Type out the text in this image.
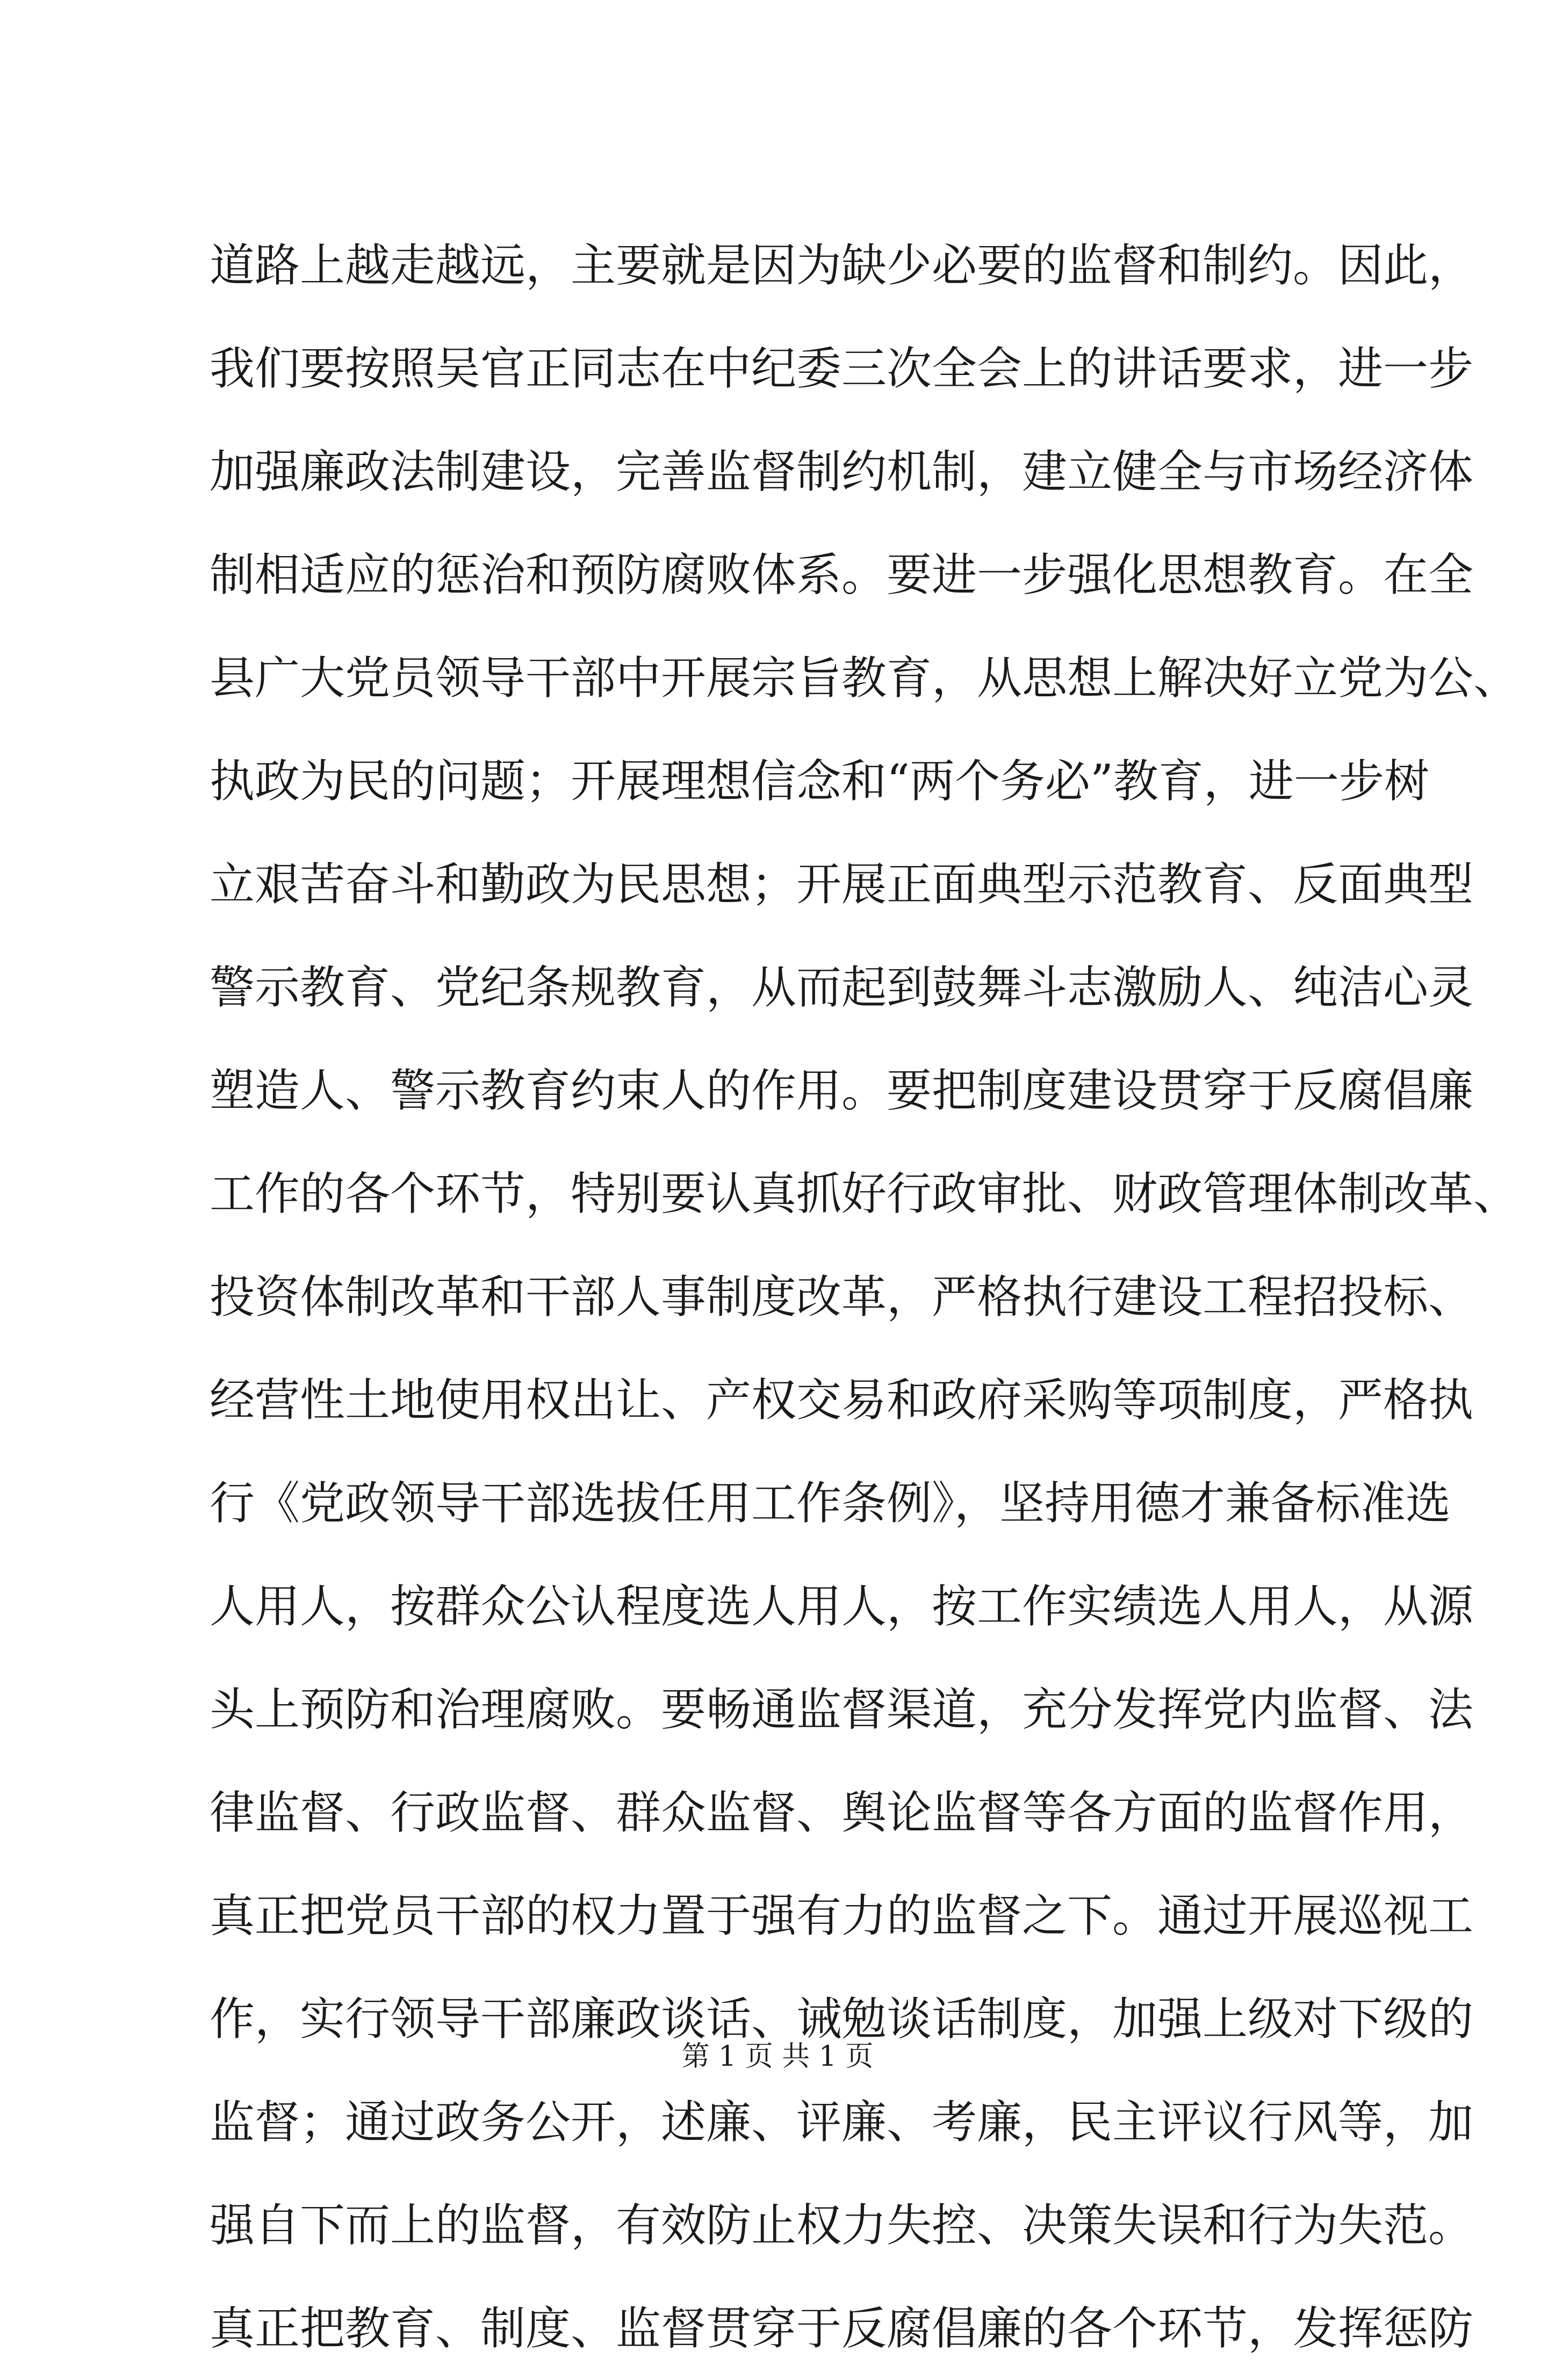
道路上越走越远，主要就是因为缺少必要的监督和制约。因此，
我们要按照吴官正同志在中纪委三次全会上的讲话要求，进一步
加强廉政法制建设，完善监督制约机制，建立健全与市场经济体
制相适应的惩治和预防腐败体系。要进一步强化思想教育。在全
县广大党员领导干部中开展宗旨教育，从思想上解决好立党为公、
执政为民的问题；开展理想信念和“两个务必”教育，进一步树
立艰苦奋斗和勤政为民思想；开展正面典型示范教育、反面典型
警示教育、党纪条规教育，从而起到鼓舞斗志激励人、纯洁心灵
塑造人、警示教育约束人的作用。要把制度建设贯穿于反腐倡廉
工作的各个环节，特别要认真抓好行政审批、财政管理体制改革、
投资体制改革和干部人事制度改革，严格执行建设工程招投标、
经营性土地使用权出让、产权交易和政府采购等项制度，严格执
行《党政领导干部选拔任用工作条例》，坚持用德才兼备标准选
人用人，按群众公认程度选人用人，按工作实绩选人用人，从源
头上预防和治理腐败。要畅通监督渠道，充分发挥党内监督、法
律监督、行政监督、群众监督、舆论监督等各方面的监督作用，
真正把党员干部的权力置于强有力的监督之下。通过开展巡视工
作，实行领导干部廉政谈话、诫勉谈话制度，加强上级对下级的
监督；通过政务公开，述廉、评廉、考廉，民主评议行风等，加
强自下而上的监督，有效防止权力失控、决策失误和行为失范。
真正把教育、制度、监督贯穿于反腐倡廉的各个环节，发挥惩防
第 1 页 共 1 页
